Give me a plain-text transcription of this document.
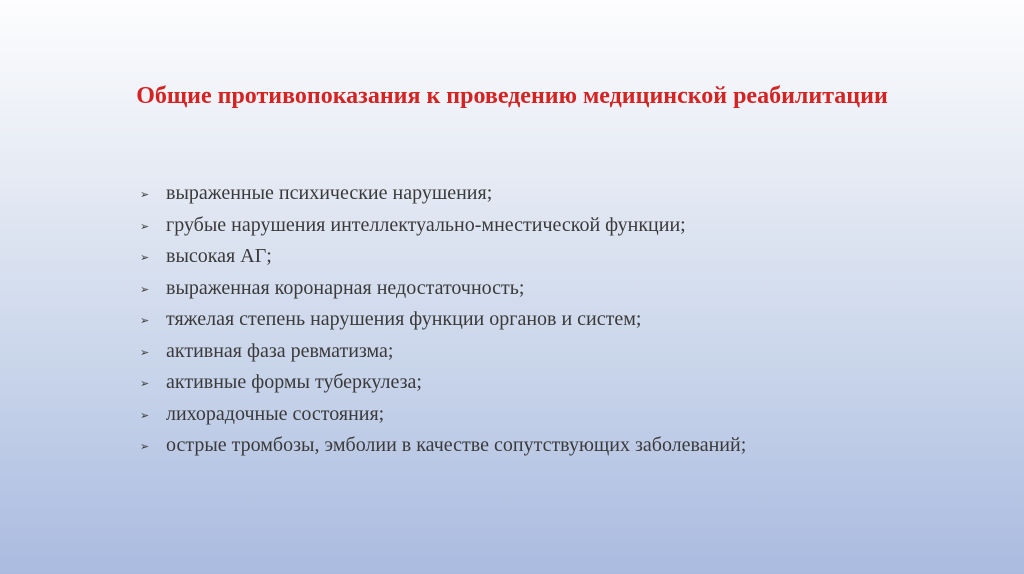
Общие противопоказания к проведению медицинской реабилитации
➢ выраженные психические нарушения;
➢ грубые нарушения интеллектуально-мнестической функции;
➢ высокая АГ;
➢ выраженная коронарная недостаточность;
➢ тяжелая степень нарушения функции органов и систем;
➢ активная фаза ревматизма;
➢ активные формы туберкулеза;
➢ лихорадочные состояния;
➢ острые тромбозы, эмболии в качестве сопутствующих заболеваний;
